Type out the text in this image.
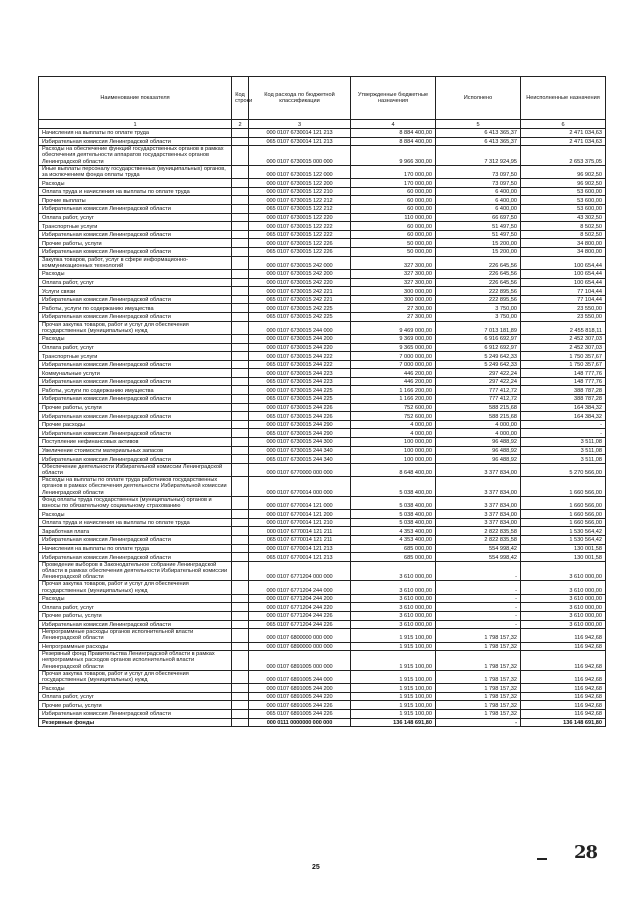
Наименование показателя	Код строки	Код расхода по бюджетной классификации	Утвержденные бюджетные назначения	Исполнено	Неисполненные назначения
1	2	3	4	5	6
Начисления на выплаты по оплате труда		000 0107 6730014 121 213	8 884 400,00	6 413 365,37	2 471 034,63
Избирательная комиссия Ленинградской области		065 0107 6730014 121 213	8 884 400,00	6 413 365,37	2 471 034,63
Расходы на обеспечение функций государственных органов в рамках обеспечения деятельности аппаратов государственных органов Ленинградской области		000 0107 6730015 000 000	9 966 300,00	7 312 924,95	2 653 375,05
Иные выплаты персоналу государственных (муниципальных) органов, за исключением фонда оплаты труда		000 0107 6730015 122 000	170 000,00	73 097,50	96 902,50
Расходы		000 0107 6730015 122 200	170 000,00	73 097,50	96 902,50
Оплата труда и начисления на выплаты по оплате труда		000 0107 6730015 122 210	60 000,00	6 400,00	53 600,00
Прочие выплаты		000 0107 6730015 122 212	60 000,00	6 400,00	53 600,00
Избирательная комиссия Ленинградской области		065 0107 6730015 122 212	60 000,00	6 400,00	53 600,00
Оплата работ, услуг		000 0107 6730015 122 220	110 000,00	66 697,50	43 302,50
Транспортные услуги		000 0107 6730015 122 222	60 000,00	51 497,50	8 502,50
Избирательная комиссия Ленинградской области		065 0107 6730015 122 222	60 000,00	51 497,50	8 502,50
Прочие работы, услуги		000 0107 6730015 122 226	50 000,00	15 200,00	34 800,00
Избирательная комиссия Ленинградской области		065 0107 6730015 122 226	50 000,00	15 200,00	34 800,00
Закупка товаров, работ, услуг в сфере информационно-коммуникационных технологий		000 0107 6730015 242 000	327 300,00	226 645,56	100 654,44
Расходы		000 0107 6730015 242 200	327 300,00	226 645,56	100 654,44
Оплата работ, услуг		000 0107 6730015 242 220	327 300,00	226 645,56	100 654,44
Услуги связи		000 0107 6730015 242 221	300 000,00	222 895,56	77 104,44
Избирательная комиссия Ленинградской области		065 0107 6730015 242 221	300 000,00	222 895,56	77 104,44
Работы, услуги по содержанию имущества		000 0107 6730015 242 225	27 300,00	3 750,00	23 550,00
Избирательная комиссия Ленинградской области		065 0107 6730015 242 225	27 300,00	3 750,00	23 550,00
Прочая закупка товаров, работ и услуг для обеспечения государственных (муниципальных) нужд		000 0107 6730015 244 000	9 469 000,00	7 013 181,89	2 455 818,11
Расходы		000 0107 6730015 244 200	9 369 000,00	6 916 692,97	2 452 307,03
Оплата работ, услуг		000 0107 6730015 244 220	9 365 000,00	6 912 692,97	2 452 307,03
Транспортные услуги		000 0107 6730015 244 222	7 000 000,00	5 249 642,33	1 750 357,67
Избирательная комиссия Ленинградской области		065 0107 6730015 244 222	7 000 000,00	5 249 642,33	1 750 357,67
Коммунальные услуги		000 0107 6730015 244 223	446 200,00	297 422,24	148 777,76
Избирательная комиссия Ленинградской области		065 0107 6730015 244 223	446 200,00	297 422,24	148 777,76
Работы, услуги по содержанию имущества		000 0107 6730015 244 225	1 166 200,00	777 412,72	388 787,28
Избирательная комиссия Ленинградской области		065 0107 6730015 244 225	1 166 200,00	777 412,72	388 787,28
Прочие работы, услуги		000 0107 6730015 244 226	752 600,00	588 215,68	164 384,32
Избирательная комиссия Ленинградской области		065 0107 6730015 244 226	752 600,00	588 215,68	164 384,32
Прочие расходы		000 0107 6730015 244 290	4 000,00	4 000,00	-
Избирательная комиссия Ленинградской области		065 0107 6730015 244 290	4 000,00	4 000,00	-
Поступление нефинансовых активов		000 0107 6730015 244 300	100 000,00	96 488,92	3 511,08
Увеличение стоимости материальных запасов		000 0107 6730015 244 340	100 000,00	96 488,92	3 511,08
Избирательная комиссия Ленинградской области		065 0107 6730015 244 340	100 000,00	96 488,92	3 511,08
Обеспечение деятельности Избирательной комиссии Ленинградской области		000 0107 6770000 000 000	8 648 400,00	3 377 834,00	5 270 566,00
Расходы на выплаты по оплате труда работников государственных органов в рамках обеспечения деятельности Избирательной комиссии Ленинградской области		000 0107 6770014 000 000	5 038 400,00	3 377 834,00	1 660 566,00
Фонд оплаты труда государственных (муниципальных) органов и взносы по обязательному социальному страхованию		000 0107 6770014 121 000	5 038 400,00	3 377 834,00	1 660 566,00
Расходы		000 0107 6770014 121 200	5 038 400,00	3 377 834,00	1 660 566,00
Оплата труда и начисления на выплаты по оплате труда		000 0107 6770014 121 210	5 038 400,00	3 377 834,00	1 660 566,00
Заработная плата		000 0107 6770014 121 211	4 353 400,00	2 822 835,58	1 530 564,42
Избирательная комиссия Ленинградской области		065 0107 6770014 121 211	4 353 400,00	2 822 835,58	1 530 564,42
Начисления на выплаты по оплате труда		000 0107 6770014 121 213	685 000,00	554 998,42	130 001,58
Избирательная комиссия Ленинградской области		065 0107 6770014 121 213	685 000,00	554 998,42	130 001,58
Проведение выборов в Законодательное собрание Ленинградской области в рамках обеспечения деятельности Избирательной комиссии Ленинградской области		000 0107 6771204 000 000	3 610 000,00	-	3 610 000,00
Прочая закупка товаров, работ и услуг для обеспечения государственных (муниципальных) нужд		000 0107 6771204 244 000	3 610 000,00	-	3 610 000,00
Расходы		000 0107 6771204 244 200	3 610 000,00	-	3 610 000,00
Оплата работ, услуг		000 0107 6771204 244 220	3 610 000,00	-	3 610 000,00
Прочие работы, услуги		000 0107 6771204 244 226	3 610 000,00	-	3 610 000,00
Избирательная комиссия Ленинградской области		065 0107 6771204 244 226	3 610 000,00	-	3 610 000,00
Непрограммные расходы органов исполнительной власти Ленинградской области		000 0107 6800000 000 000	1 915 100,00	1 798 157,32	116 942,68
Непрограммные расходы		000 0107 6890000 000 000	1 915 100,00	1 798 157,32	116 942,68
Резервный фонд Правительства Ленинградской области в рамках непрограммных расходов органов исполнительной власти Ленинградской области		000 0107 6891005 000 000	1 915 100,00	1 798 157,32	116 942,68
Прочая закупка товаров, работ и услуг для обеспечения государственных (муниципальных) нужд		000 0107 6891005 244 000	1 915 100,00	1 798 157,32	116 942,68
Расходы		000 0107 6891005 244 200	1 915 100,00	1 798 157,32	116 942,68
Оплата работ, услуг		000 0107 6891005 244 220	1 915 100,00	1 798 157,32	116 942,68
Прочие работы, услуги		000 0107 6891005 244 226	1 915 100,00	1 798 157,32	116 942,68
Избирательная комиссия Ленинградской области		065 0107 6891005 244 226	1 915 100,00	1 798 157,32	116 942,68
Резервные фонды		000 0111 0000000 000 000	136 148 691,80	-	136 148 691,80
25
28
